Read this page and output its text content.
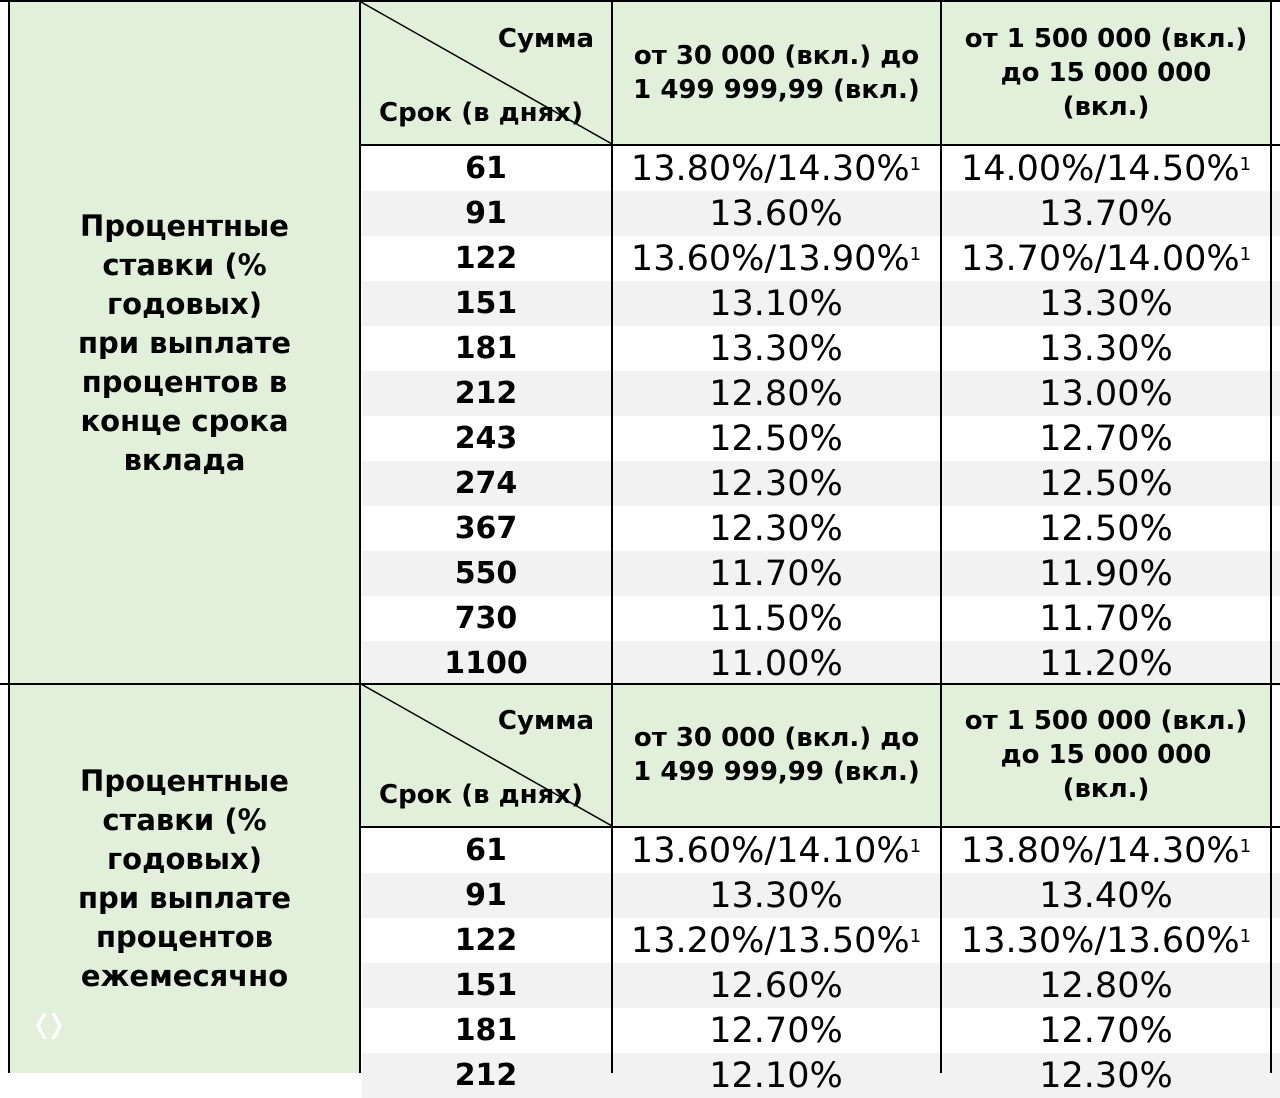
Процентные
ставки (%
годовых)
при выплате
процентов в
конце срока
вклада
Сумма
Срок (в днях)
от 30 000 (вкл.) до
1 499 999,99 (вкл.)
от 1 500 000 (вкл.)
до 15 000 000
(вкл.)
61	13.80%/14.30%$^1$ 14.00%/14.50%$^1$
91	13.60%	13.70%
122	13.60%/13.90%$^1$ 13.70%/14.00%$^1$
151	13.10%	13.30%
181	13.30%	13.30%
212	12.80%	13.00%
243	12.50%	12.70%
274	12.30%	12.50%
367	12.30%	12.50%
550	11.70%	11.90%
730	11.50%	11.70%
1100	11.00%	11.20%
Процентные
ставки (%
годовых)
при выплате
процентов
ежемесячно
Сумма
Срок (в днях)
от 30 000 (вкл.) до
1 499 999,99 (вкл.)
от 1 500 000 (вкл.)
до 15 000 000
(вкл.)
61	13.60%/14.10%$^1$ 13.80%/14.30%$^1$
91	13.30%	13.40%
122	13.20%/13.50%$^1$ 13.30%/13.60%$^1$
151	12.60%	12.80%
181	12.70%	12.70%
212	12.10%	12.30%
